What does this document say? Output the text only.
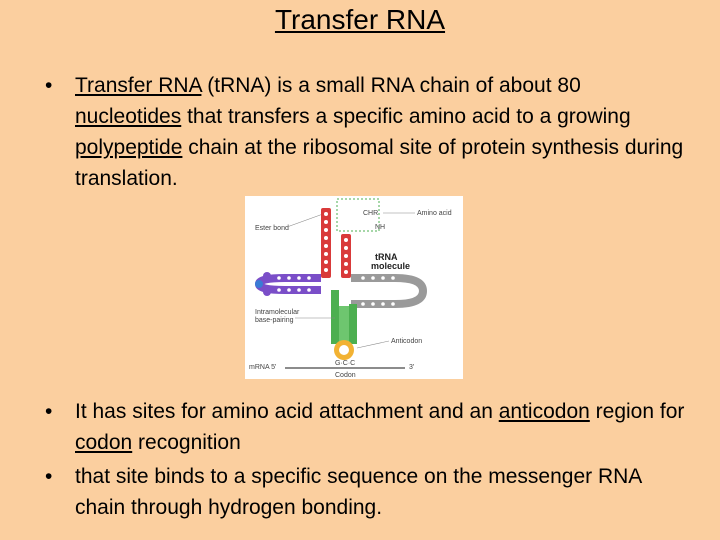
Transfer RNA
• Transfer RNA (tRNA) is a small RNA chain of about 80 nucleotides that transfers a specific amino acid to a growing polypeptide chain at the ribosomal site of protein synthesis during translation.
CHR	Amino acid
NH
Ester bond
tRNA
molecule
Anticodon
Intramolecular
base-pairing
mRNA 5'	3'
G·C·C
Codon
• It has sites for amino acid attachment and an anticodon region for codon recognition
• that site binds to a specific sequence on the messenger RNA chain through hydrogen bonding.
